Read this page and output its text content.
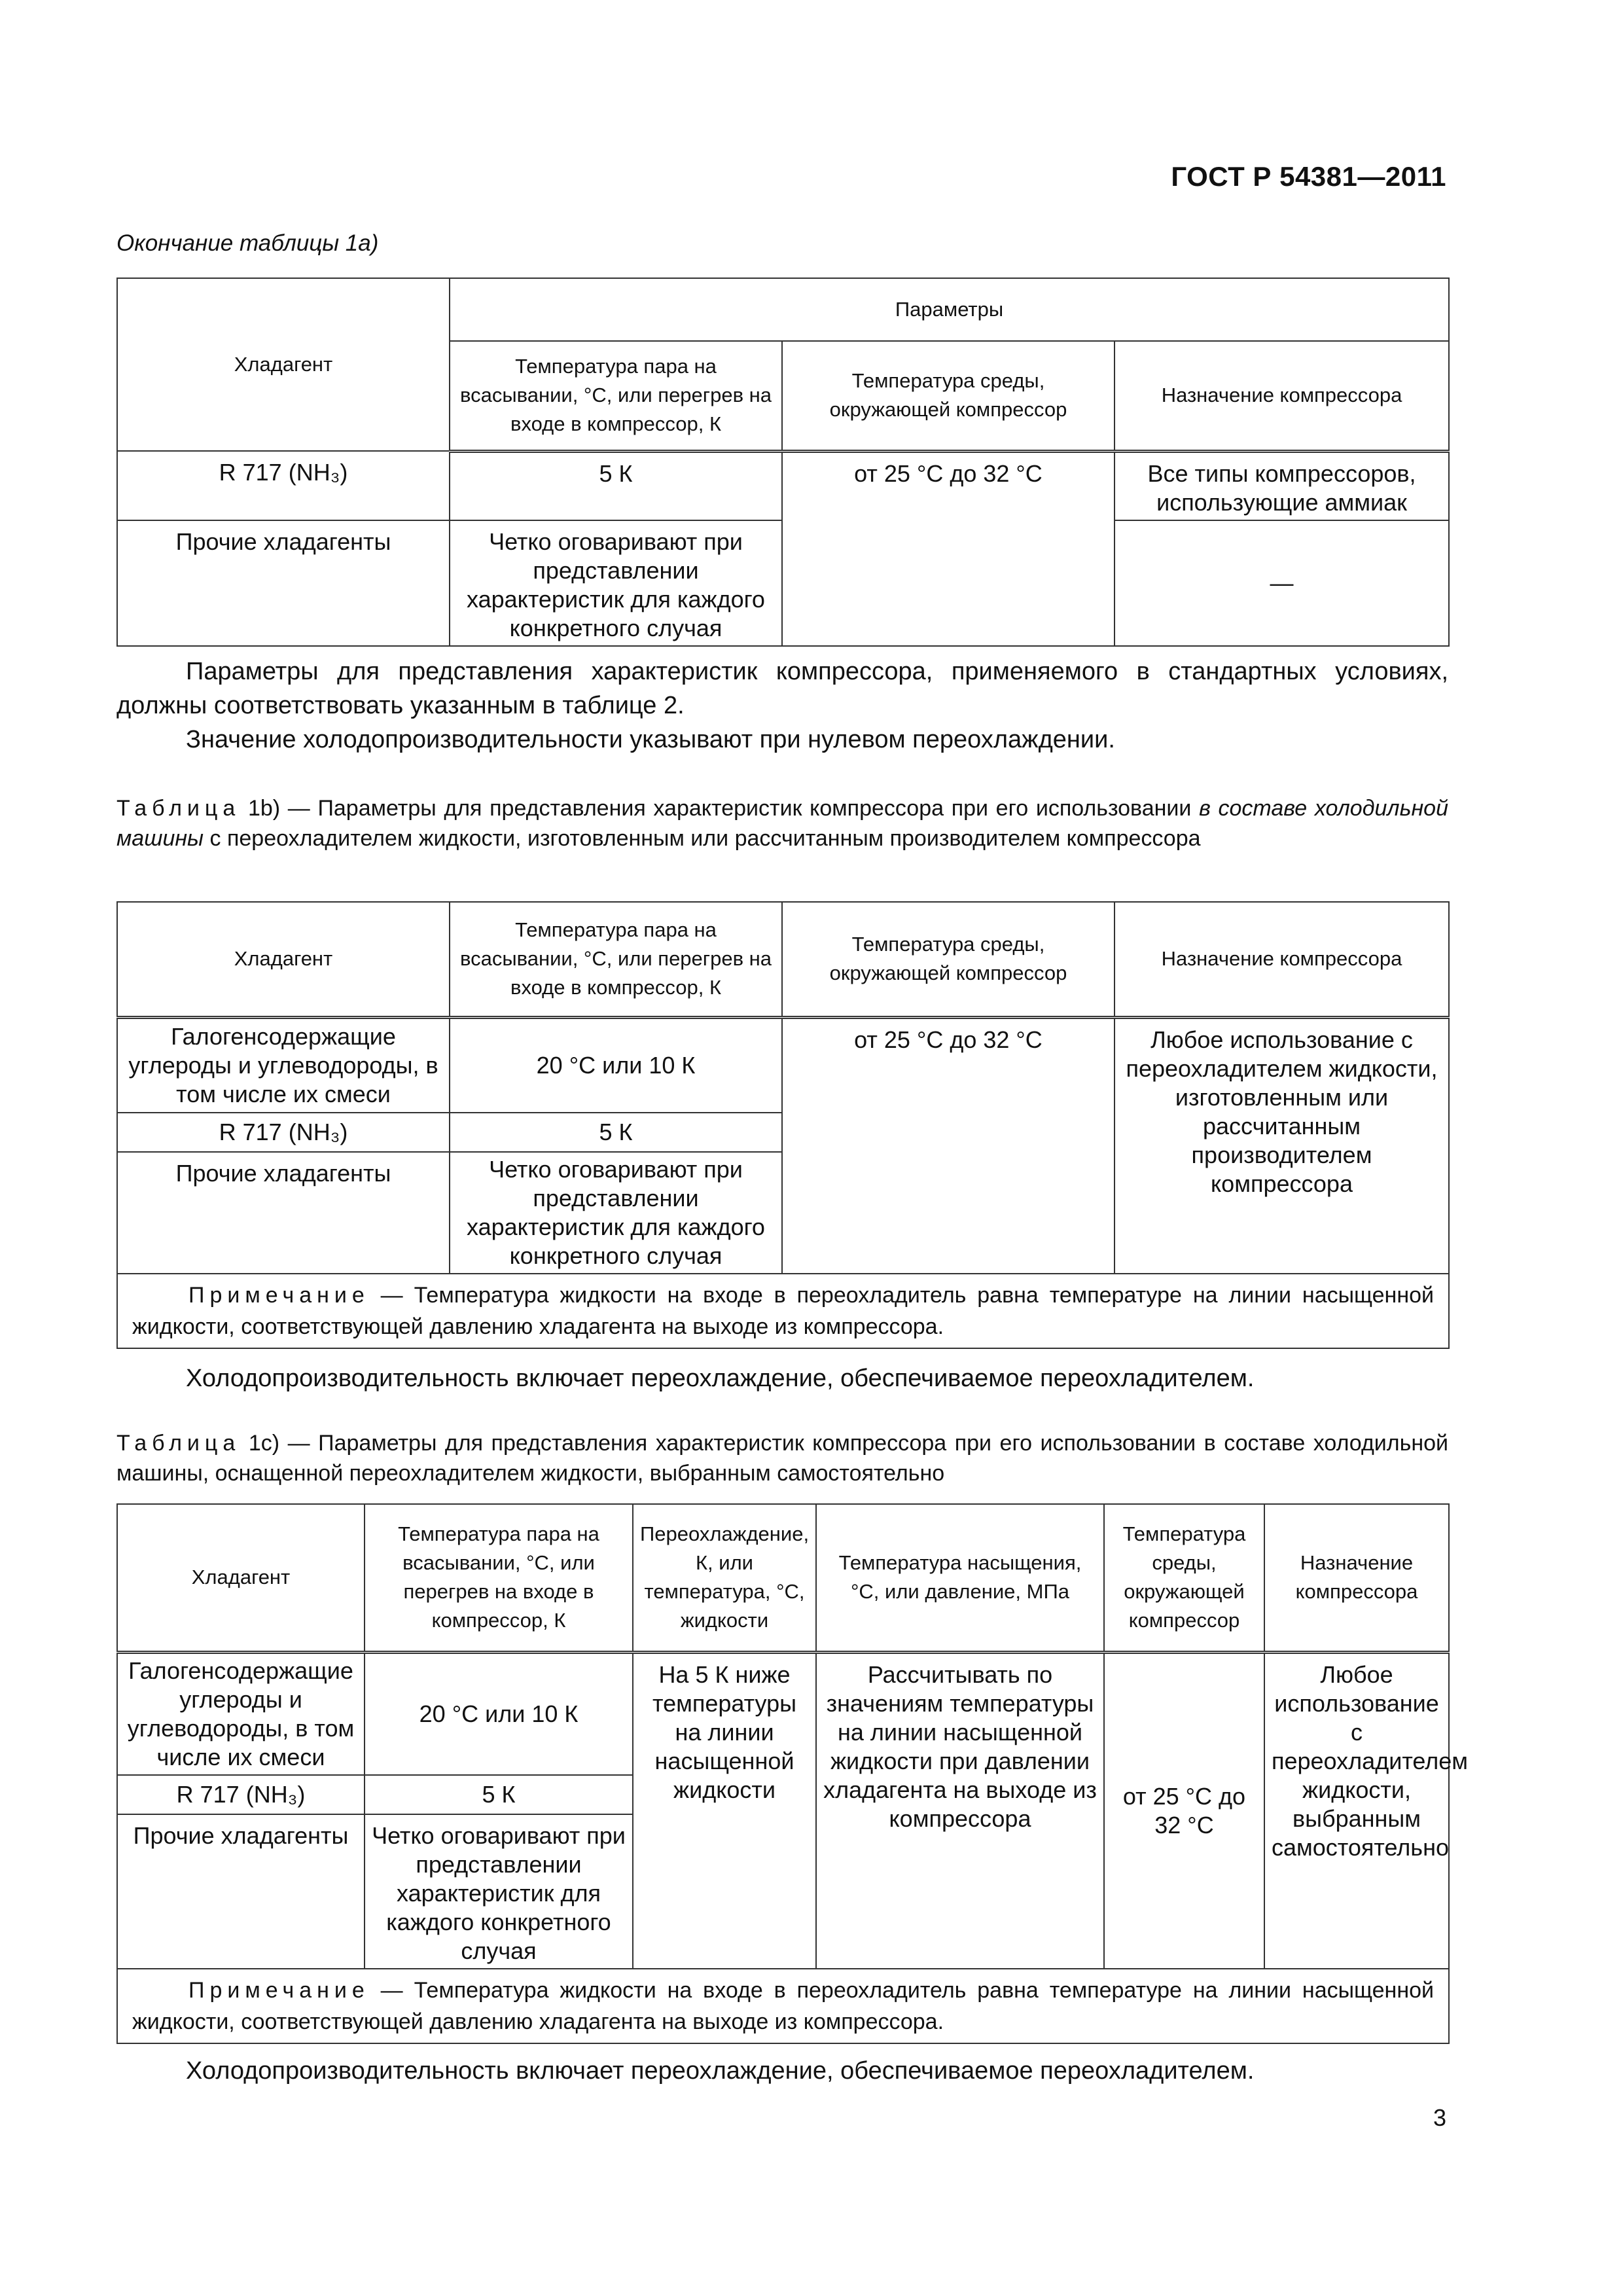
ГОСТ Р 54381—2011
Окончание таблицы 1a)
Хладагент	Параметры		
	Температура пара на всасывании, °С, или перегрев на входе в компрессор, К	Температура среды, окружающей компрессор	Назначение компрессора
R 717 (NH₃)	5 К	от 25 °С до 32 °С	Все типы компрессоров, использующие аммиак
Прочие хладагенты	Четко оговаривают при представлении характеристик для каждого конкретного случая		—

Параметры для представления характеристик компрессора, применяемого в стандартных условиях, должны соответствовать указанным в таблице 2.

Значение холодопроизводительности указывают при нулевом переохлаждении.

Таблица 1b) — Параметры для представления характеристик компрессора при его использовании в составе холодильной машины с переохладителем жидкости, изготовленным или рассчитанным производителем компрессора
Хладагент	Температура пара на всасывании, °С, или перегрев на входе в компрессор, К	Температура среды, окружающей компрессор	Назначение компрессора
Галогенсодержащие углероды и углеводороды, в том числе их смеси	20 °С или 10 К	от 25 °С до 32 °С	Любое использование с переохладителем жидкости, изготовленным или рассчитанным производителем компрессора
R 717 (NH₃)	5 К		
Прочие хладагенты	Четко оговаривают при представлении характеристик для каждого конкретного случая		

Примечание — Температура жидкости на входе в переохладитель равна температуре на линии насыщенной жидкости, соответствующей давлению хладагента на выходе из компрессора.			

Холодопроизводительность включает переохлаждение, обеспечиваемое переохладителем.

Таблица 1c) — Параметры для представления характеристик компрессора при его использовании в составе холодильной машины, оснащенной переохладителем жидкости, выбранным самостоятельно
Хладагент	Температура пара на всасывании, °С, или перегрев на входе в компрессор, К	Переохлаждение, К, или температура, °С, жидкости	Температура насыщения, °С, или давление, МПа	Температура среды, окружающей компрессор	Назначение компрессора
Галогенсодержащие углероды и углеводороды, в том числе их смеси	20 °С или 10 К	На 5 К ниже температуры на линии насыщенной жидкости	Рассчитывать по значениям температуры на линии насыщенной жидкости при давлении хладагента на выходе из компрессора	от 25 °С до 32 °С	Любое использование с переохладителем жидкости, выбранным самостоятельно
R 717 (NH₃)	5 К				
Прочие хладагенты	Четко оговаривают при представлении характеристик для каждого конкретного случая				

Примечание — Температура жидкости на входе в переохладитель равна температуре на линии насыщенной жидкости, соответствующей давлению хладагента на выходе из компрессора.					

Холодопроизводительность включает переохлаждение, обеспечиваемое переохладителем.

3
